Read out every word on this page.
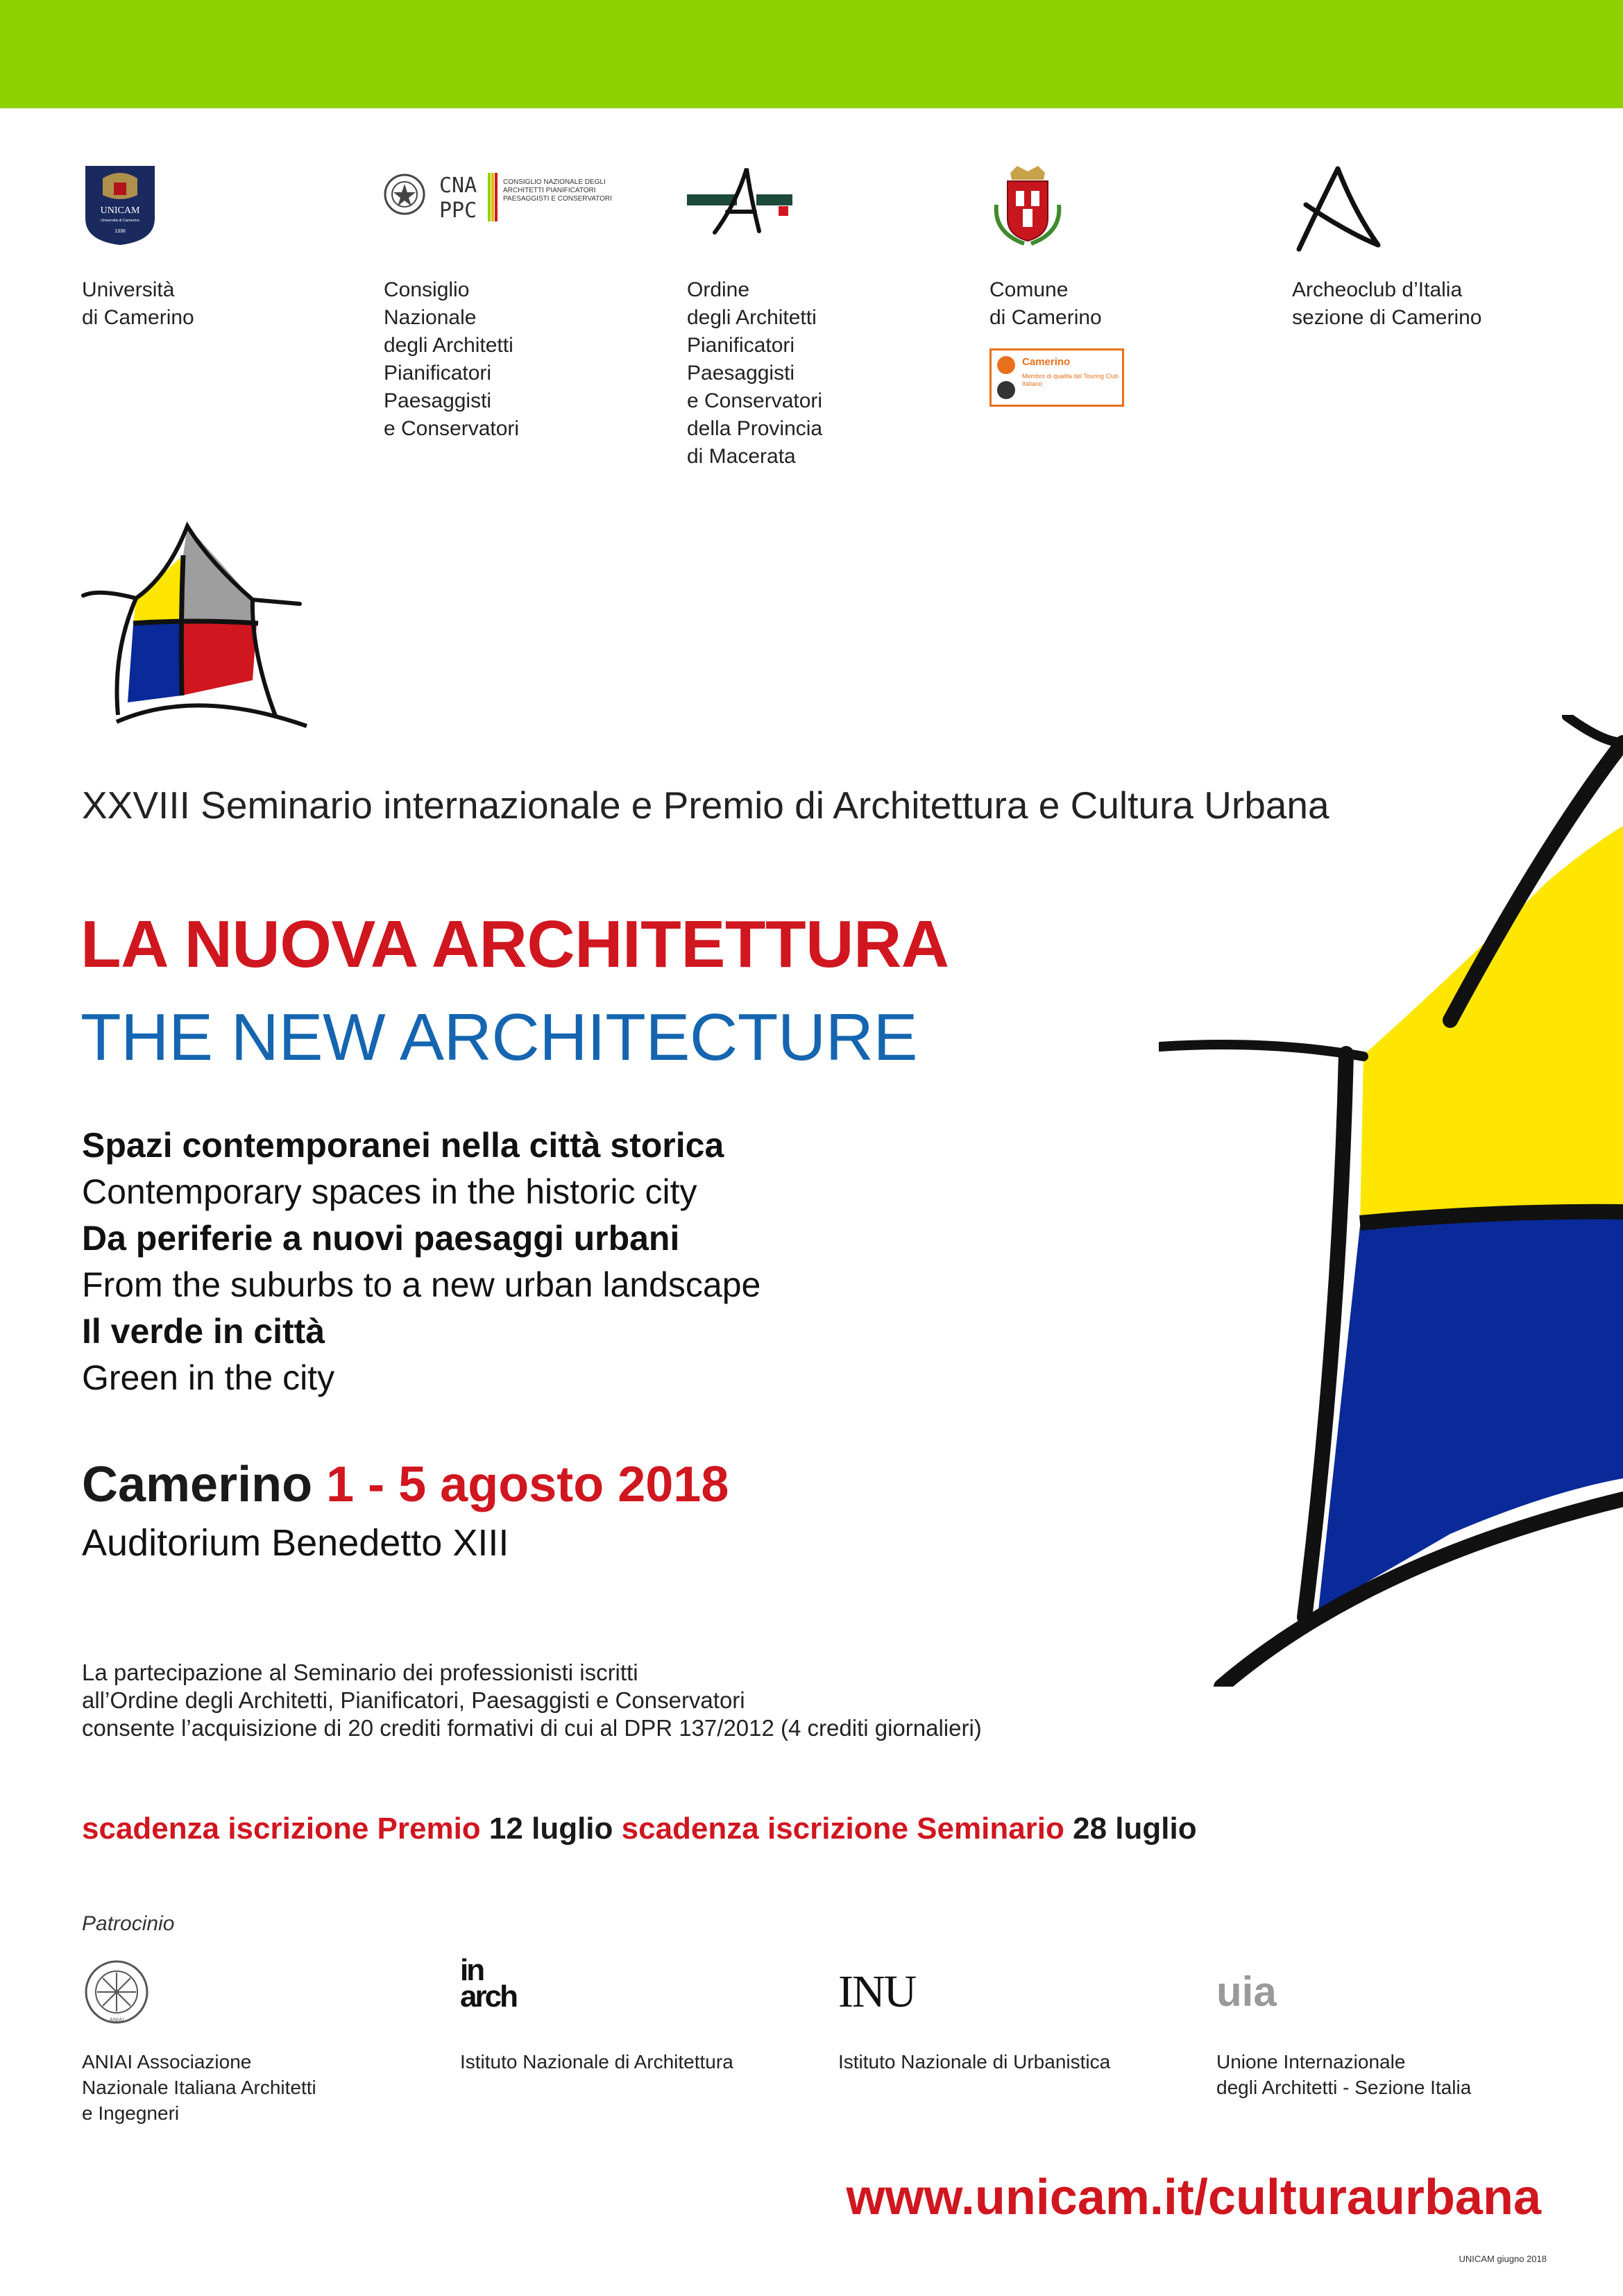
UNICAM
Università di Camerino
1336
Università
di Camerino
CNA
PPC
CONSIGLIO NAZIONALE DEGLI ARCHITETTI PIANIFICATORI PAESAGGISTI E CONSERVATORI
Consiglio
Nazionale
degli Architetti
Pianificatori
Paesaggisti
e Conservatori
Ordine
degli Architetti
Pianificatori
Paesaggisti
e Conservatori
della Provincia
di Macerata
Comune
di Camerino
Camerino
Membro di qualità del Touring Club Italiano
Archeoclub d’Italia
sezione di Camerino
XXVIII Seminario internazionale e Premio di Architettura e Cultura Urbana
LA NUOVA ARCHITETTURA
THE NEW ARCHITECTURE
Spazi contemporanei nella città storica
Contemporary spaces in the historic city
Da periferie a nuovi paesaggi urbani
From the suburbs to a new urban landscape
Il verde in città
Green in the city
Camerino 1 - 5 agosto 2018
Auditorium Benedetto XIII
La partecipazione al Seminario dei professionisti iscritti
all’Ordine degli Architetti, Pianificatori, Paesaggisti e Conservatori
consente l’acquisizione di 20 crediti formativi di cui al DPR 137/2012 (4 crediti giornalieri)
scadenza iscrizione Premio 12 luglio scadenza iscrizione Seminario 28 luglio
Patrocinio
ANIAI
ANIAI Associazione
Nazionale Italiana Architetti
e Ingegneri
in arch
Istituto Nazionale di Architettura
INU
Istituto Nazionale di Urbanistica
uia
Unione Internazionale
degli Architetti - Sezione Italia
www.unicam.it/culturaurbana
UNICAM giugno 2018
